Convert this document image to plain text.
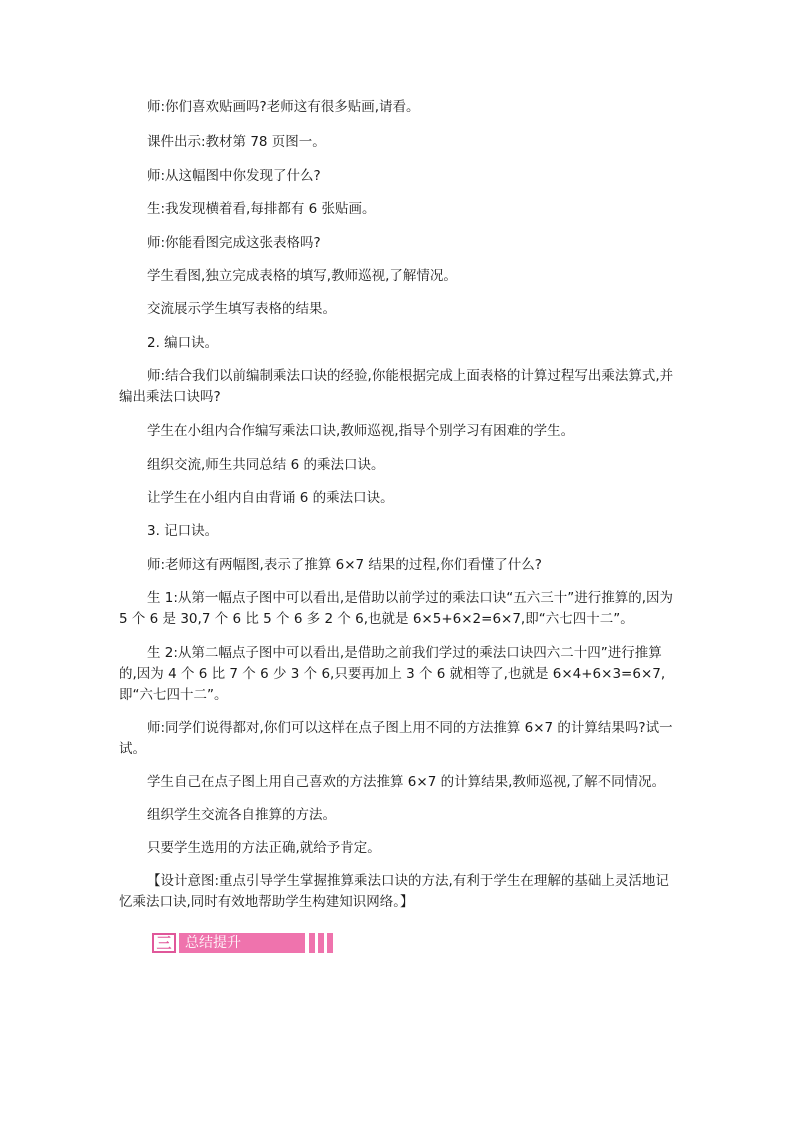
师:你们喜欢贴画吗?老师这有很多贴画,请看。

课件出示:教材第 78 页图一。

师:从这幅图中你发现了什么?

生:我发现横着看,每排都有 6 张贴画。

师:你能看图完成这张表格吗?

学生看图,独立完成表格的填写,教师巡视,了解情况。

交流展示学生填写表格的结果。

2. 编口诀。

师:结合我们以前编制乘法口诀的经验,你能根据完成上面表格的计算过程写出乘法算式,并编出乘法口诀吗?

学生在小组内合作编写乘法口诀,教师巡视,指导个别学习有困难的学生。

组织交流,师生共同总结 6 的乘法口诀。

让学生在小组内自由背诵 6 的乘法口诀。

3. 记口诀。

师:老师这有两幅图,表示了推算 6×7 结果的过程,你们看懂了什么?

生 1:从第一幅点子图中可以看出,是借助以前学过的乘法口诀“五六三十”进行推算的,因为 5 个 6 是 30,7 个 6 比 5 个 6 多 2 个 6,也就是 6×5+6×2=6×7,即“六七四十二”。

生 2:从第二幅点子图中可以看出,是借助之前我们学过的乘法口诀四六二十四”进行推算的,因为 4 个 6 比 7 个 6 少 3 个 6,只要再加上 3 个 6 就相等了,也就是 6×4+6×3=6×7,即“六七四十二”。

师:同学们说得都对,你们可以这样在点子图上用不同的方法推算 6×7 的计算结果吗?试一试。

学生自己在点子图上用自己喜欢的方法推算 6×7 的计算结果,教师巡视,了解不同情况。

组织学生交流各自推算的方法。

只要学生选用的方法正确,就给予肯定。

【设计意图:重点引导学生掌握推算乘法口诀的方法,有利于学生在理解的基础上灵活地记忆乘法口诀,同时有效地帮助学生构建知识网络。】

三 总结提升
